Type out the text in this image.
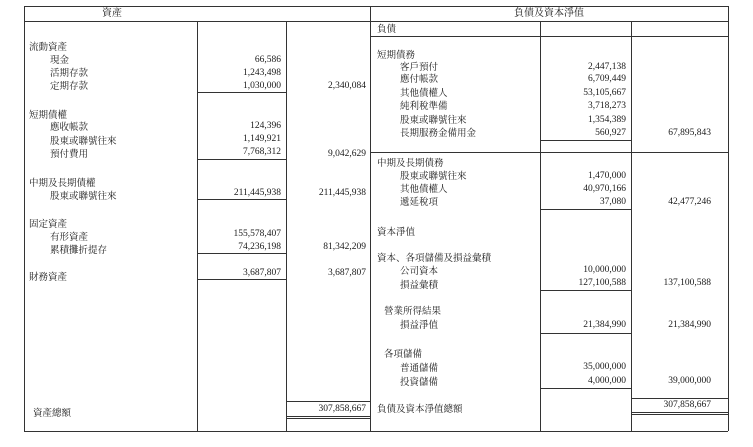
資產	負債及資本淨值
流動資產
現金	66,586
活期存款	1,243,498
定期存款	1,030,000	2,340,084
短期債權
應收帳款	124,396
股東或聯號往來	1,149,921
預付費用	7,768,312	9,042,629
中期及長期債權
股東或聯號往來	211,445,938	211,445,938
固定資產
有形資產	155,578,407
累積攤折提存	74,236,198	81,342,209
財務資產	3,687,807	3,687,807
資產總額	307,858,667
負債
短期債務
客戶預付	2,447,138
應付帳款	6,709,449
其他債權人	53,105,667
純利稅準備	3,718,273
股東或聯號往來	1,354,389
長期服務金備用金	560,927	67,895,843
中期及長期債務
股東或聯號往來	1,470,000
其他債權人	40,970,166
遞延稅項	37,080	42,477,246
資本淨值
資本、各項儲備及損益彙積
公司資本	10,000,000
損益彙積	127,100,588	137,100,588
營業所得結果
損益淨值	21,384,990	21,384,990
各項儲備
普通儲備	35,000,000
投資儲備	4,000,000	39,000,000
負債及資本淨值總額	307,858,667
